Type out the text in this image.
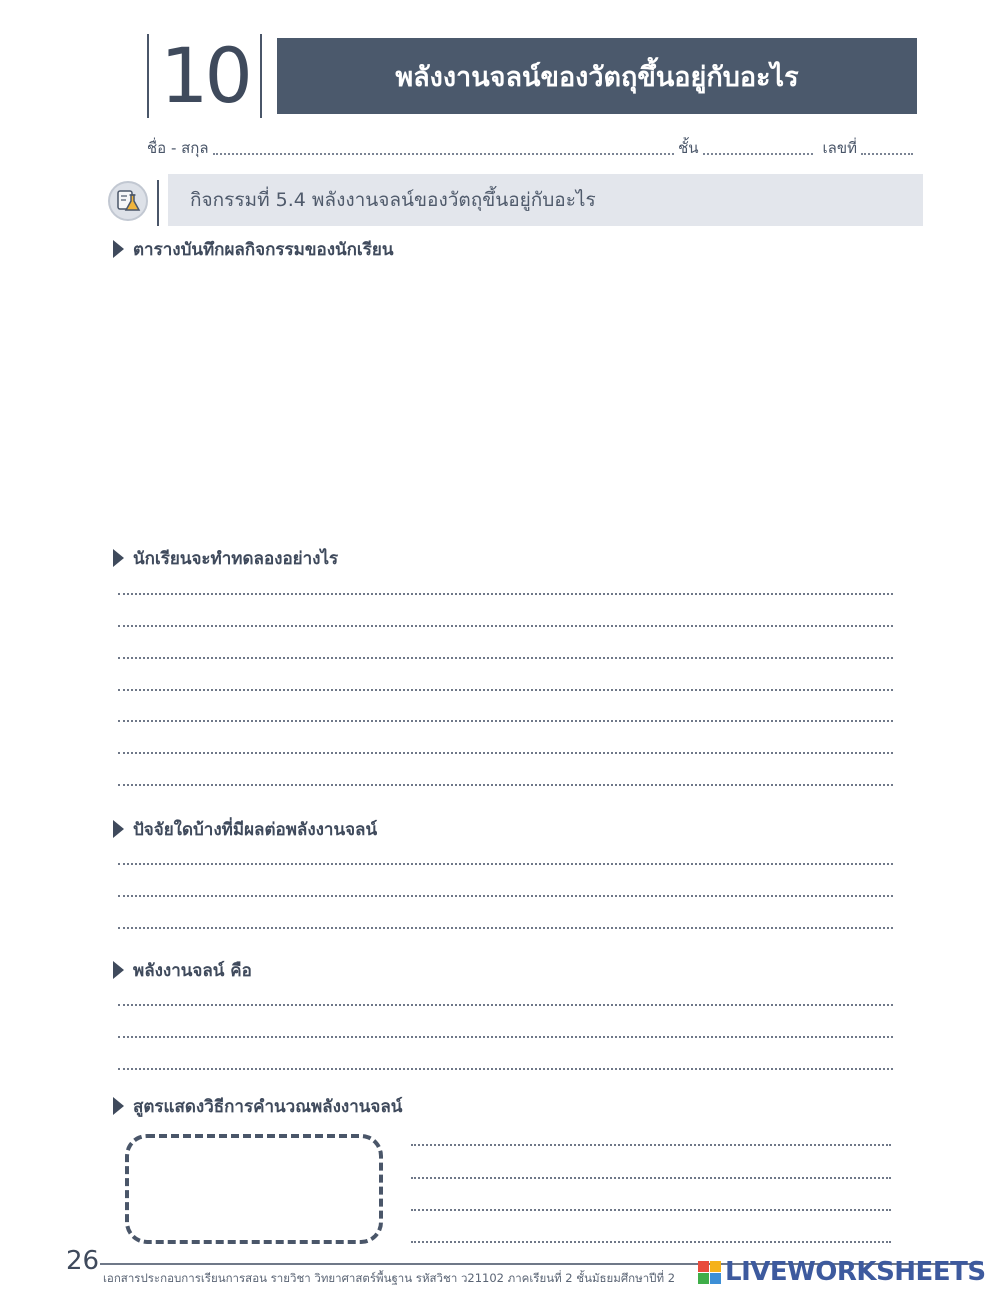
10	พลังงานจลน์ของวัตถุขึ้นอยู่กับอะไร
ชื่อ - สกุล	ชั้น	เลขที่
กิจกรรมที่ 5.4 พลังงานจลน์ของวัตถุขึ้นอยู่กับอะไร
ตารางบันทึกผลกิจกรรมของนักเรียน
นักเรียนจะทำทดลองอย่างไร
ปัจจัยใดบ้างที่มีผลต่อพลังงานจลน์
พลังงานจลน์ คือ
สูตรแสดงวิธีการคำนวณพลังงานจลน์
26
เอกสารประกอบการเรียนการสอน รายวิชา วิทยาศาสตร์พื้นฐาน รหัสวิชา ว21102 ภาคเรียนที่ 2 ชั้นมัธยมศึกษาปีที่ 2 LIVEWORKSHEETS
